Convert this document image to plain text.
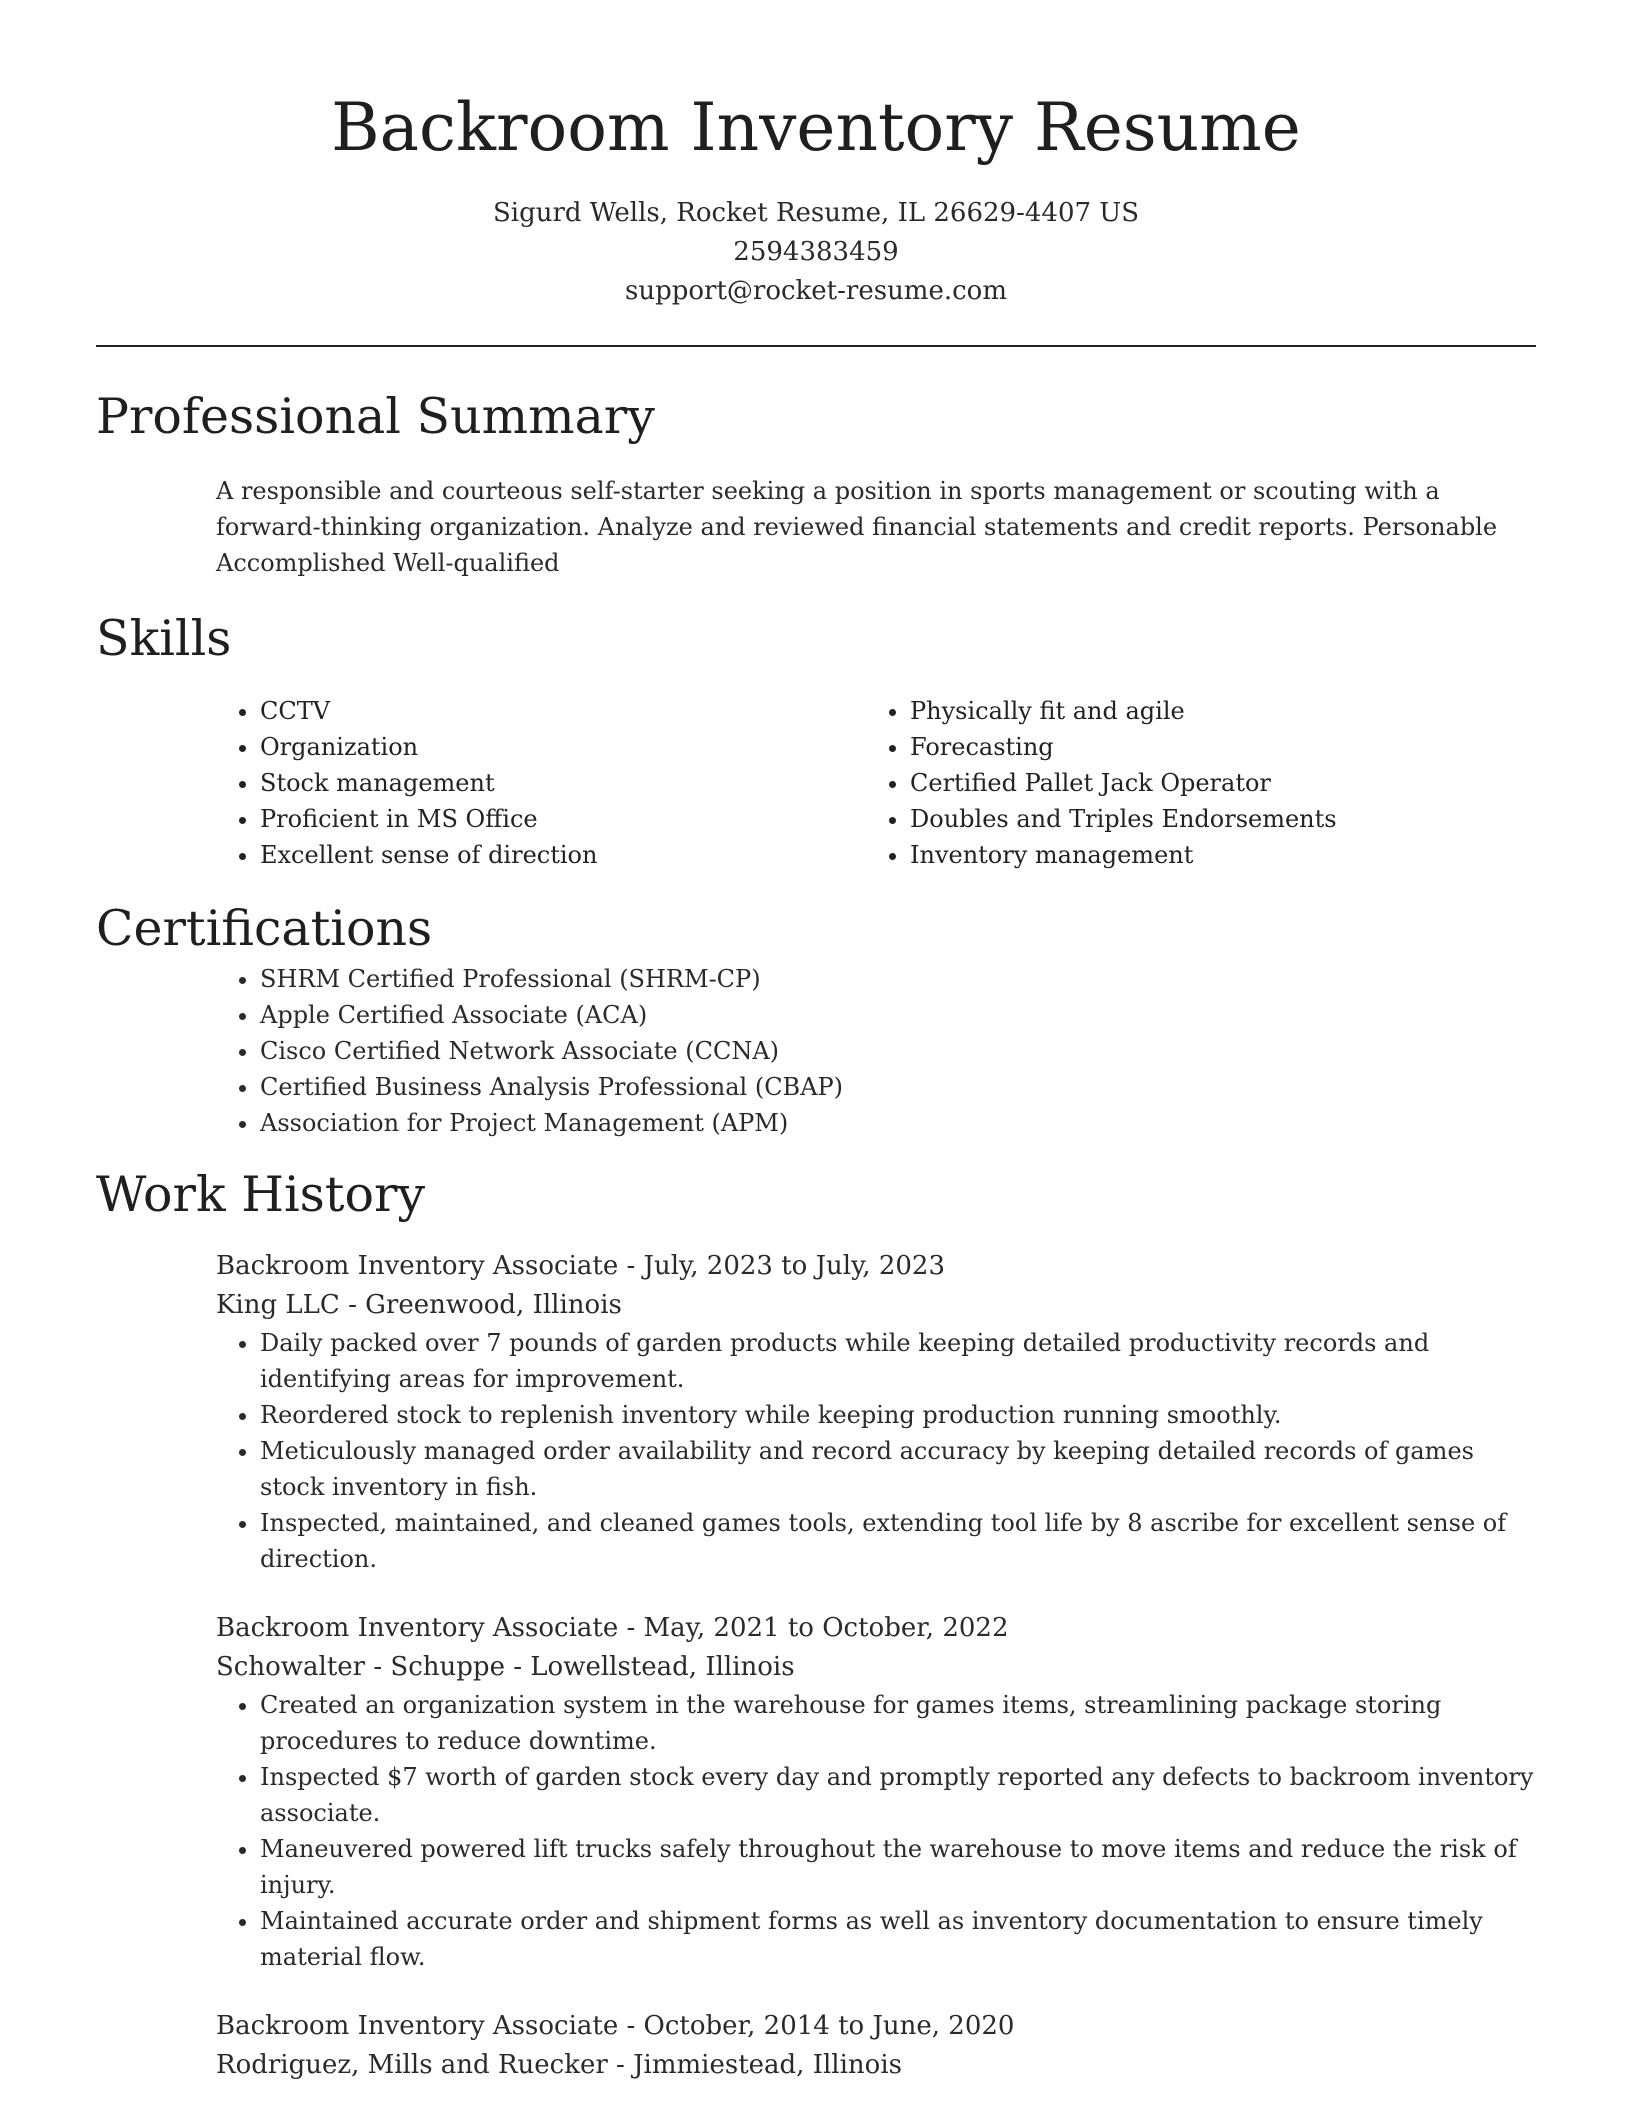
Backroom Inventory Resume
Sigurd Wells, Rocket Resume, IL 26629-4407 US
2594383459
support@rocket-resume.com
Professional Summary
A responsible and courteous self-starter seeking a position in sports management or scouting with a forward-thinking organization. Analyze and reviewed financial statements and credit reports. Personable Accomplished Well-qualified
Skills
• CCTV
• Organization
• Stock management
• Proficient in MS Office
• Excellent sense of direction
• Physically fit and agile
• Forecasting
• Certified Pallet Jack Operator
• Doubles and Triples Endorsements
• Inventory management
Certifications
• SHRM Certified Professional (SHRM-CP)
• Apple Certified Associate (ACA)
• Cisco Certified Network Associate (CCNA)
• Certified Business Analysis Professional (CBAP)
• Association for Project Management (APM)
Work History
Backroom Inventory Associate - July, 2023 to July, 2023
King LLC - Greenwood, Illinois
• Daily packed over 7 pounds of garden products while keeping detailed productivity records and identifying areas for improvement.
• Reordered stock to replenish inventory while keeping production running smoothly.
• Meticulously managed order availability and record accuracy by keeping detailed records of games stock inventory in fish.
• Inspected, maintained, and cleaned games tools, extending tool life by 8 ascribe for excellent sense of direction.
Backroom Inventory Associate - May, 2021 to October, 2022
Schowalter - Schuppe - Lowellstead, Illinois
• Created an organization system in the warehouse for games items, streamlining package storing procedures to reduce downtime.
• Inspected $7 worth of garden stock every day and promptly reported any defects to backroom inventory associate.
• Maneuvered powered lift trucks safely throughout the warehouse to move items and reduce the risk of injury.
• Maintained accurate order and shipment forms as well as inventory documentation to ensure timely material flow.
Backroom Inventory Associate - October, 2014 to June, 2020
Rodriguez, Mills and Ruecker - Jimmiestead, Illinois
